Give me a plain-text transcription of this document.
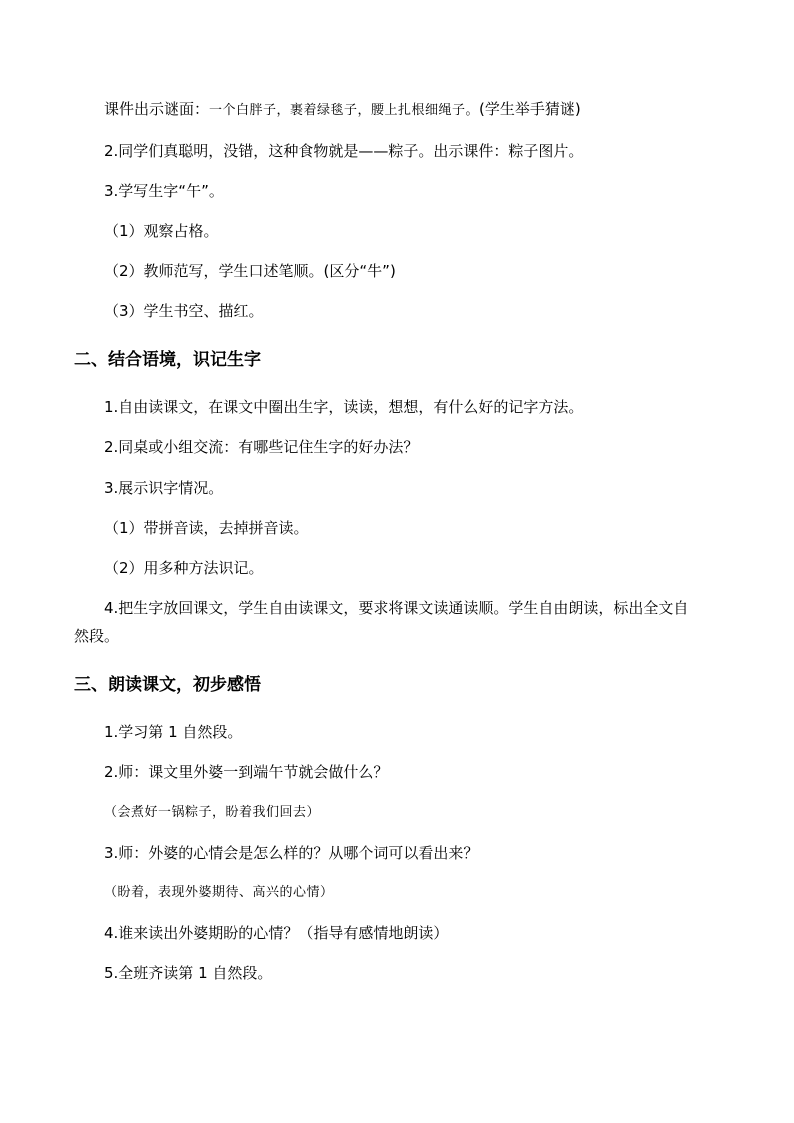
课件出示谜面：一个白胖子，裹着绿毯子，腰上扎根细绳子。(学生举手猜谜)
2.同学们真聪明，没错，这种食物就是——粽子。出示课件：粽子图片。
3.学写生字“午”。
（1）观察占格。
（2）教师范写，学生口述笔顺。(区分“牛”)
（3）学生书空、描红。
二、结合语境，识记生字
1.自由读课文，在课文中圈出生字，读读，想想，有什么好的记字方法。
2.同桌或小组交流：有哪些记住生字的好办法？
3.展示识字情况。
（1）带拼音读，去掉拼音读。
（2）用多种方法识记。
4.把生字放回课文，学生自由读课文，要求将课文读通读顺。学生自由朗读，标出全文自
然段。
三、朗读课文，初步感悟
1.学习第 1 自然段。
2.师：课文里外婆一到端午节就会做什么？
（会煮好一锅粽子，盼着我们回去）
3.师：外婆的心情会是怎么样的？从哪个词可以看出来？
（盼着，表现外婆期待、高兴的心情）
4.谁来读出外婆期盼的心情？（指导有感情地朗读）
5.全班齐读第 1 自然段。
